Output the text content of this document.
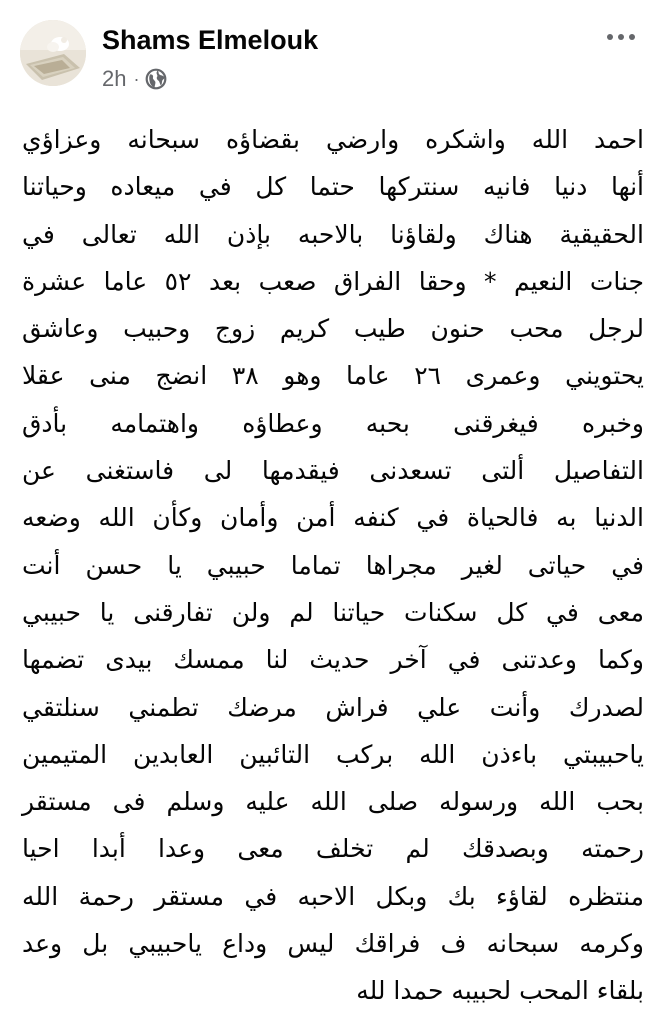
Shams Elmelouk
2h ·
احمد الله واشكره وارضي بقضاؤه سبحانه وعزاؤي
أنها دنيا فانيه سنتركها حتما كل في ميعاده وحياتنا
الحقيقية هناك ولقاؤنا بالاحبه بإذن الله تعالى في
جنات النعيم * وحقا الفراق صعب بعد ٥٢ عاما عشرة
لرجل محب حنون طيب كريم زوج وحبيب وعاشق
يحتويني وعمرى ٢٦ عاما وهو ٣٨ انضج منى عقلا
وخبره فيغرقنى بحبه وعطاؤه واهتمامه بأدق
التفاصيل ألتى تسعدنى فيقدمها لى فاستغنى عن
الدنيا به فالحياة في كنفه أمن وأمان وكأن الله وضعه
في حياتى لغير مجراها تماما حبيبي يا حسن أنت
معى في كل سكنات حياتنا لم ولن تفارقنى يا حبيبي
وكما وعدتنى في آخر حديث لنا ممسك بيدى تضمها
لصدرك وأنت علي فراش مرضك تطمني سنلتقي
ياحبيبتي باءذن الله بركب التائبين العابدين المتيمين
بحب الله ورسوله صلى الله عليه وسلم فى مستقر
رحمته وبصدقك لم تخلف معى وعدا أبدا احيا
منتظره لقاؤء بك وبكل الاحبه في مستقر رحمة الله
وكرمه سبحانه ف فراقك ليس وداع ياحبيبي بل وعد
بلقاء المحب لحبيبه حمدا لله
